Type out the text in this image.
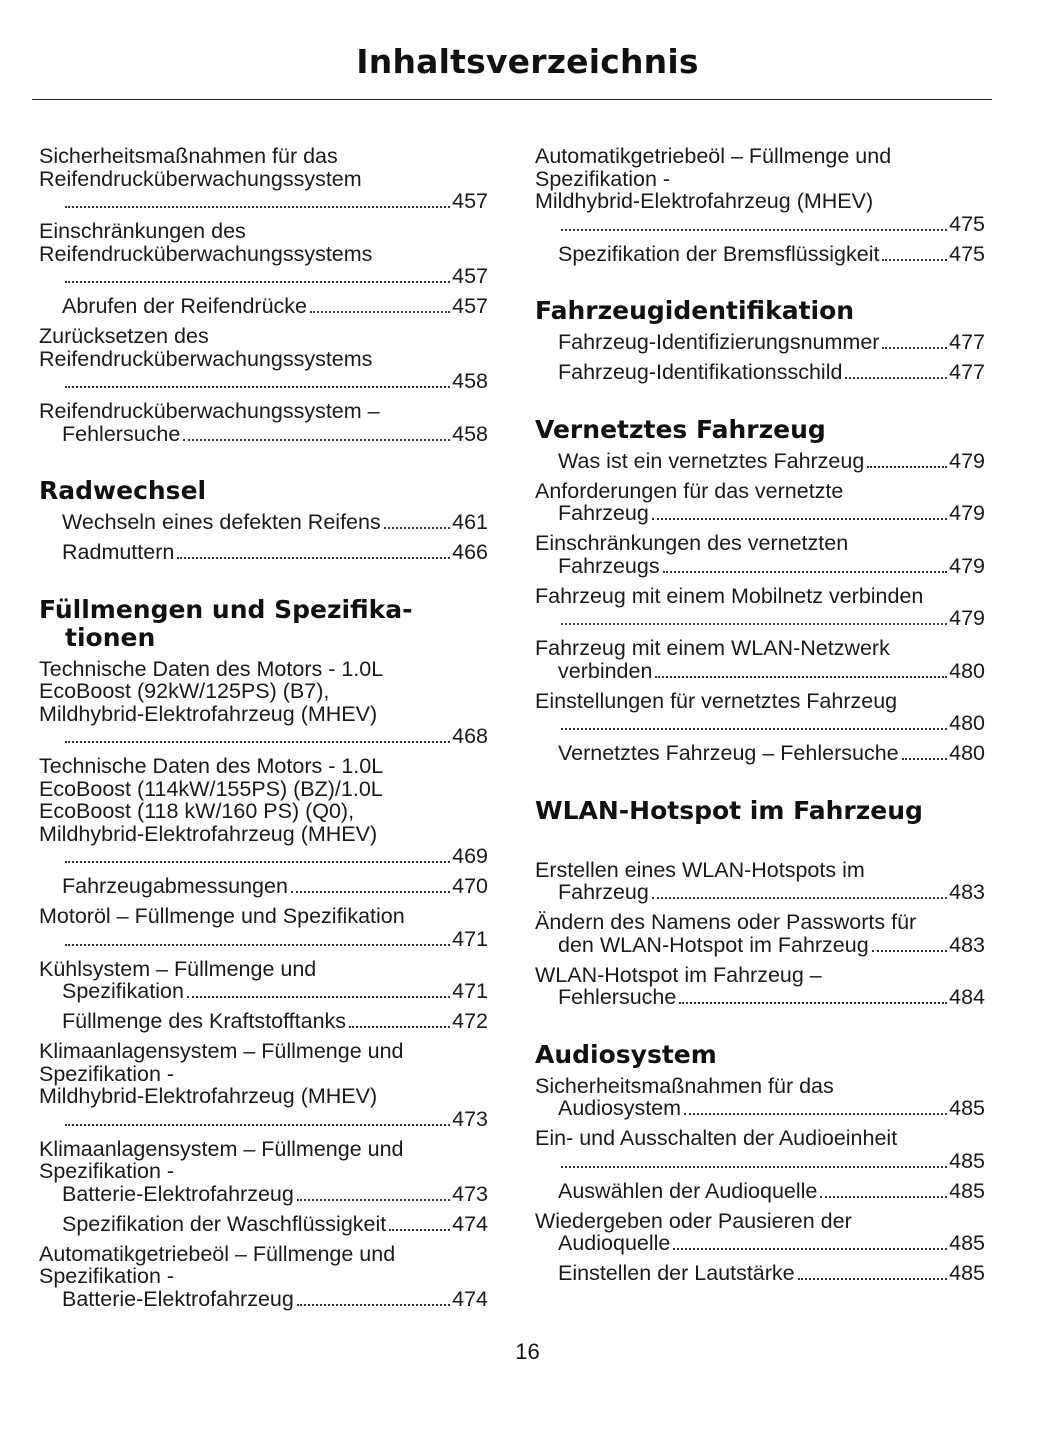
Inhaltsverzeichnis
Sicherheitsmaßnahmen für das
Reifendrucküberwachungssystem
457
Einschränkungen des
Reifendrucküberwachungssystems
457
Abrufen der Reifendrücke	457
Zurücksetzen des
Reifendrucküberwachungssystems
458
Reifendrucküberwachungssystem –
Fehlersuche	458
Radwechsel
Wechseln eines defekten Reifens	461
Radmuttern	466
Füllmengen und Spezifika-
tionen
Technische Daten des Motors - 1.0L
EcoBoost (92kW/125PS) (B7),
Mildhybrid-Elektrofahrzeug (MHEV)
468
Technische Daten des Motors - 1.0L
EcoBoost (114kW/155PS) (BZ)/1.0L
EcoBoost (118 kW/160 PS) (Q0),
Mildhybrid-Elektrofahrzeug (MHEV)
469
Fahrzeugabmessungen	470
Motoröl – Füllmenge und Spezifikation
471
Kühlsystem – Füllmenge und
Spezifikation	471
Füllmenge des Kraftstofftanks	472
Klimaanlagensystem – Füllmenge und
Spezifikation -
Mildhybrid-Elektrofahrzeug (MHEV)
473
Klimaanlagensystem – Füllmenge und
Spezifikation -
Batterie-Elektrofahrzeug	473
Spezifikation der Waschflüssigkeit	474
Automatikgetriebeöl – Füllmenge und
Spezifikation -
Batterie-Elektrofahrzeug	474
Automatikgetriebeöl – Füllmenge und
Spezifikation -
Mildhybrid-Elektrofahrzeug (MHEV)
475
Spezifikation der Bremsflüssigkeit	475
Fahrzeugidentifikation
Fahrzeug-Identifizierungsnummer	477
Fahrzeug-Identifikationsschild	477
Vernetztes Fahrzeug
Was ist ein vernetztes Fahrzeug	479
Anforderungen für das vernetzte
Fahrzeug	479
Einschränkungen des vernetzten
Fahrzeugs	479
Fahrzeug mit einem Mobilnetz verbinden
479
Fahrzeug mit einem WLAN-Netzwerk
verbinden	480
Einstellungen für vernetztes Fahrzeug
480
Vernetztes Fahrzeug – Fehlersuche 480
WLAN-Hotspot im Fahrzeug
Erstellen eines WLAN-Hotspots im
Fahrzeug	483
Ändern des Namens oder Passworts für
den WLAN-Hotspot im Fahrzeug	483
WLAN-Hotspot im Fahrzeug –
Fehlersuche	484
Audiosystem
Sicherheitsmaßnahmen für das
Audiosystem	485
Ein- und Ausschalten der Audioeinheit
485
Auswählen der Audioquelle	485
Wiedergeben oder Pausieren der
Audioquelle	485
Einstellen der Lautstärke	485
16
